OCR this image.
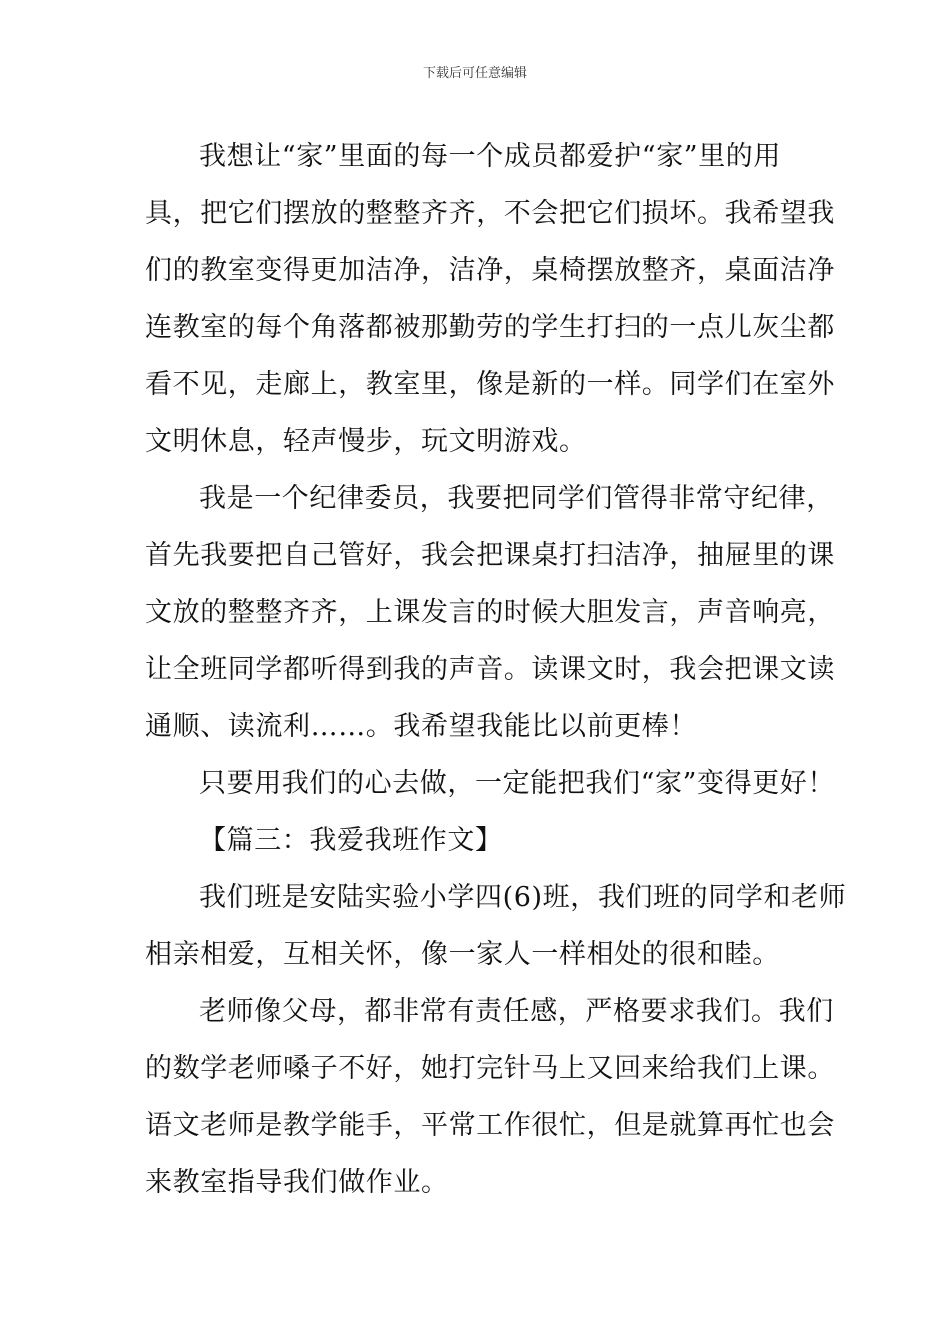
下载后可任意编辑
我想让“家”里面的每一个成员都爱护“家”里的用
具，把它们摆放的整整齐齐，不会把它们损坏。我希望我
们的教室变得更加洁净，洁净，桌椅摆放整齐，桌面洁净
连教室的每个角落都被那勤劳的学生打扫的一点儿灰尘都
看不见，走廊上，教室里，像是新的一样。同学们在室外
文明休息，轻声慢步，玩文明游戏。
我是一个纪律委员，我要把同学们管得非常守纪律，
首先我要把自己管好，我会把课桌打扫洁净，抽屉里的课
文放的整整齐齐，上课发言的时候大胆发言，声音响亮，
让全班同学都听得到我的声音。读课文时，我会把课文读
通顺、读流利……。我希望我能比以前更棒！
只要用我们的心去做，一定能把我们“家”变得更好！
【篇三：我爱我班作文】
我们班是安陆实验小学四(6)班，我们班的同学和老师
相亲相爱，互相关怀，像一家人一样相处的很和睦。
老师像父母，都非常有责任感，严格要求我们。我们
的数学老师嗓子不好，她打完针马上又回来给我们上课。
语文老师是教学能手，平常工作很忙，但是就算再忙也会
来教室指导我们做作业。
